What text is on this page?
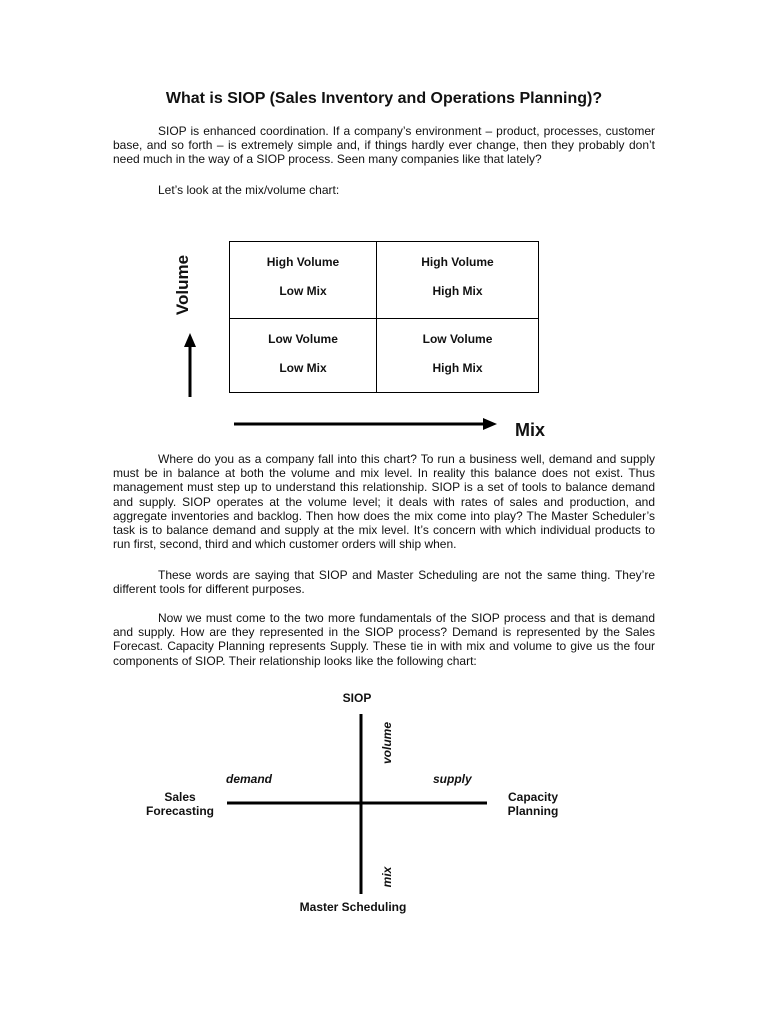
What is SIOP (Sales Inventory and Operations Planning)?

SIOP is enhanced coordination. If a company’s environment – product, processes, customer base, and so forth – is extremely simple and, if things hardly ever change, then they probably don’t need much in the way of a SIOP process. Seen many companies like that lately?

Let’s look at the mix/volume chart:

Volume
Mix
High Volume
Low Mix
High Volume
High Mix
Low Volume
Low Mix
Low Volume
High Mix

Where do you as a company fall into this chart? To run a business well, demand and supply must be in balance at both the volume and mix level. In reality this balance does not exist. Thus management must step up to understand this relationship. SIOP is a set of tools to balance demand and supply. SIOP operates at the volume level; it deals with rates of sales and production, and aggregate inventories and backlog. Then how does the mix come into play? The Master Scheduler’s task is to balance demand and supply at the mix level. It’s concern with which individual products to run first, second, third and which customer orders will ship when.

These words are saying that SIOP and Master Scheduling are not the same thing. They’re different tools for different purposes.

Now we must come to the two more fundamentals of the SIOP process and that is demand and supply. How are they represented in the SIOP process? Demand is represented by the Sales Forecast. Capacity Planning represents Supply. These tie in with mix and volume to give us the four components of SIOP. Their relationship looks like the following chart:

SIOP
Master Scheduling
Sales
Forecasting
Capacity
Planning
demand	supply
volume
mix
